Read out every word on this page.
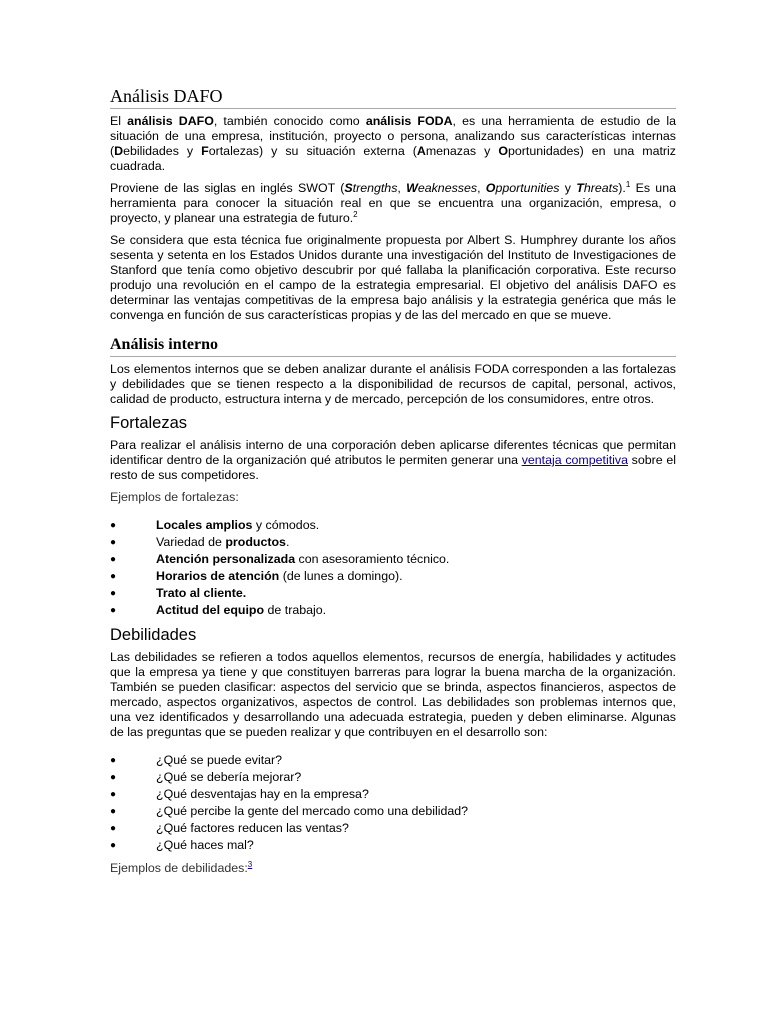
Análisis DAFO

El análisis DAFO, también conocido como análisis FODA, es una herramienta de estudio de la situación de una empresa, institución, proyecto o persona, analizando sus características internas (Debilidades y Fortalezas) y su situación externa (Amenazas y Oportunidades) en una matriz cuadrada.

Proviene de las siglas en inglés SWOT (Strengths, Weaknesses, Opportunities y Threats).$^1$ Es una herramienta para conocer la situación real en que se encuentra una organización, empresa, o proyecto, y planear una estrategia de futuro.$^2$

Se considera que esta técnica fue originalmente propuesta por Albert S. Humphrey durante los años sesenta y setenta en los Estados Unidos durante una investigación del Instituto de Investigaciones de Stanford que tenía como objetivo descubrir por qué fallaba la planificación corporativa. Este recurso produjo una revolución en el campo de la estrategia empresarial. El objetivo del análisis DAFO es determinar las ventajas competitivas de la empresa bajo análisis y la estrategia genérica que más le convenga en función de sus características propias y de las del mercado en que se mueve.

Análisis interno

Los elementos internos que se deben analizar durante el análisis FODA corresponden a las fortalezas y debilidades que se tienen respecto a la disponibilidad de recursos de capital, personal, activos, calidad de producto, estructura interna y de mercado, percepción de los consumidores, entre otros.

Fortalezas

Para realizar el análisis interno de una corporación deben aplicarse diferentes técnicas que permitan identificar dentro de la organización qué atributos le permiten generar una ventaja competitiva sobre el resto de sus competidores.

Ejemplos de fortalezas:

●	Locales amplios y cómodos.
●	Variedad de productos.
●	Atención personalizada con asesoramiento técnico.
●	Horarios de atención (de lunes a domingo).
●	Trato al cliente.
●	Actitud del equipo de trabajo.
Debilidades

Las debilidades se refieren a todos aquellos elementos, recursos de energía, habilidades y actitudes que la empresa ya tiene y que constituyen barreras para lograr la buena marcha de la organización. También se pueden clasificar: aspectos del servicio que se brinda, aspectos financieros, aspectos de mercado, aspectos organizativos, aspectos de control. Las debilidades son problemas internos que, una vez identificados y desarrollando una adecuada estrategia, pueden y deben eliminarse. Algunas de las preguntas que se pueden realizar y que contribuyen en el desarrollo son:

●	¿Qué se puede evitar?
●	¿Qué se debería mejorar?
●	¿Qué desventajas hay en la empresa?
●	¿Qué percibe la gente del mercado como una debilidad?
●	¿Qué factores reducen las ventas?
●	¿Qué haces mal?

Ejemplos de debilidades:$^3$
